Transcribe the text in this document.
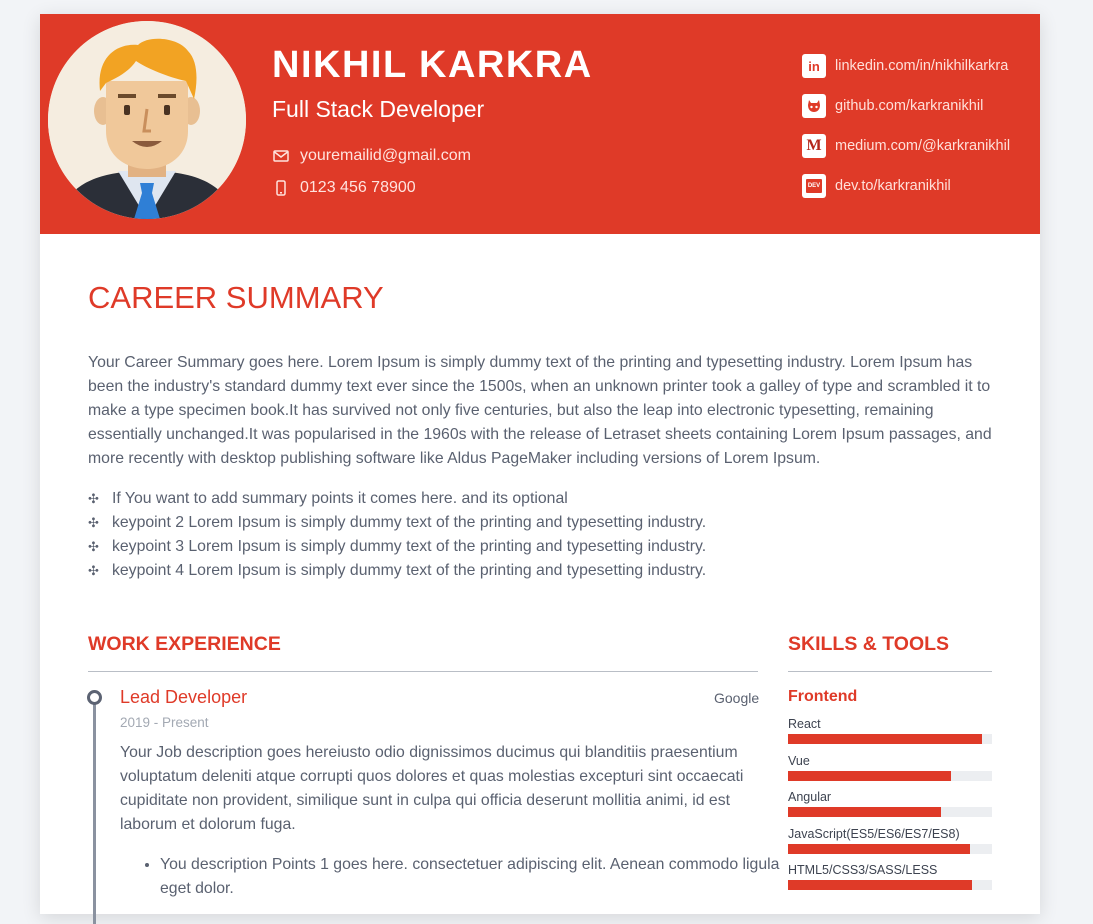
NIKHIL KARKRA
Full Stack Developer
youremailid@gmail.com
0123 456 78900
in	linkedin.com/in/nikhilkarkra
github.com/karkranikhil
M medium.com/@karkranikhil
DEV dev.to/karkranikhil
CAREER SUMMARY

Your Career Summary goes here. Lorem Ipsum is simply dummy text of the printing and typesetting industry. Lorem Ipsum has been the industry's standard dummy text ever since the 1500s, when an unknown printer took a galley of type and scrambled it to make a type specimen book.It has survived not only five centuries, but also the leap into electronic typesetting, remaining essentially unchanged.It was popularised in the 1960s with the release of Letraset sheets containing Lorem Ipsum passages, and more recently with desktop publishing software like Aldus PageMaker including versions of Lorem Ipsum.

✣ If You want to add summary points it comes here. and its optional
✣ keypoint 2 Lorem Ipsum is simply dummy text of the printing and typesetting industry.
✣ keypoint 3 Lorem Ipsum is simply dummy text of the printing and typesetting industry.
✣ keypoint 4 Lorem Ipsum is simply dummy text of the printing and typesetting industry.
WORK EXPERIENCE
Lead Developer	Google
2019 - Present

Your Job description goes hereiusto odio dignissimos ducimus qui blanditiis praesentium voluptatum deleniti atque corrupti quos dolores et quas molestias excepturi sint occaecati cupiditate non provident, similique sunt in culpa qui officia deserunt mollitia animi, id est laborum et dolorum fuga.

• You description Points 1 goes here. consectetuer adipiscing elit. Aenean commodo ligula eget dolor.
SKILLS & TOOLS
Frontend
React
Vue
Angular
JavaScript(ES5/ES6/ES7/ES8)
HTML5/CSS3/SASS/LESS
